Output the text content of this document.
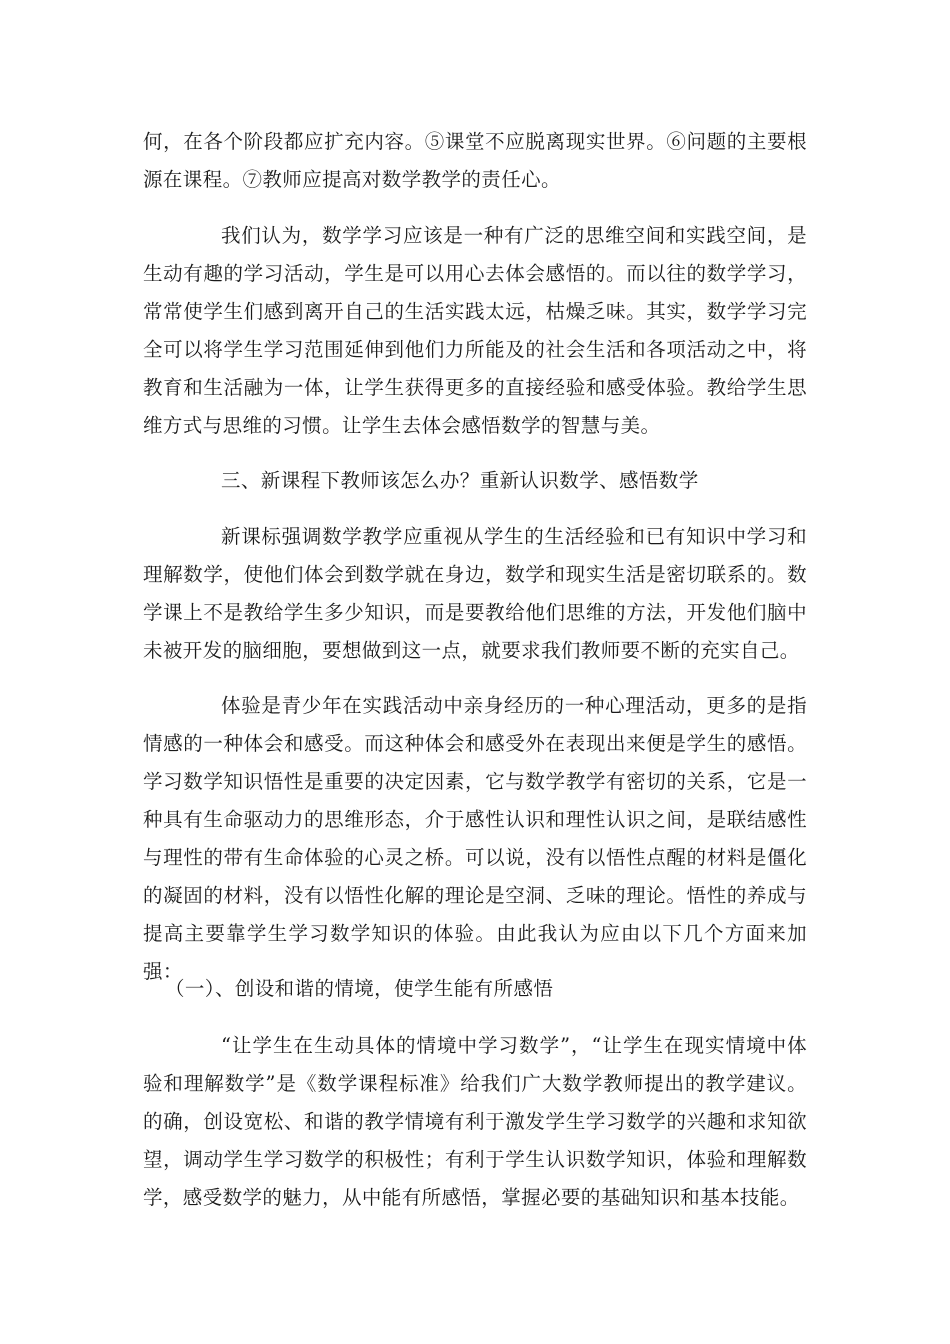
何，在各个阶段都应扩充内容。⑤课堂不应脱离现实世界。⑥问题的主要根源在课程。⑦教师应提高对数学教学的责任心。

我们认为，数学学习应该是一种有广泛的思维空间和实践空间，是生动有趣的学习活动，学生是可以用心去体会感悟的。而以往的数学学习，常常使学生们感到离开自己的生活实践太远，枯燥乏味。其实，数学学习完全可以将学生学习范围延伸到他们力所能及的社会生活和各项活动之中，将教育和生活融为一体，让学生获得更多的直接经验和感受体验。教给学生思维方式与思维的习惯。让学生去体会感悟数学的智慧与美。

三、新课程下教师该怎么办？重新认识数学、感悟数学

新课标强调数学教学应重视从学生的生活经验和已有知识中学习和理解数学，使他们体会到数学就在身边，数学和现实生活是密切联系的。数学课上不是教给学生多少知识，而是要教给他们思维的方法，开发他们脑中未被开发的脑细胞，要想做到这一点，就要求我们教师要不断的充实自己。

体验是青少年在实践活动中亲身经历的一种心理活动，更多的是指情感的一种体会和感受。而这种体会和感受外在表现出来便是学生的感悟。学习数学知识悟性是重要的决定因素，它与数学教学有密切的关系，它是一种具有生命驱动力的思维形态，介于感性认识和理性认识之间，是联结感性与理性的带有生命体验的心灵之桥。可以说，没有以悟性点醒的材料是僵化的凝固的材料，没有以悟性化解的理论是空洞、乏味的理论。悟性的养成与提高主要靠学生学习数学知识的体验。由此我认为应由以下几个方面来加强：

（一）、创设和谐的情境，使学生能有所感悟

“让学生在生动具体的情境中学习数学”，“让学生在现实情境中体验和理解数学”是《数学课程标准》给我们广大数学教师提出的教学建议。的确，创设宽松、和谐的教学情境有利于激发学生学习数学的兴趣和求知欲望，调动学生学习数学的积极性；有利于学生认识数学知识，体验和理解数学，感受数学的魅力，从中能有所感悟，掌握必要的基础知识和基本技能。
